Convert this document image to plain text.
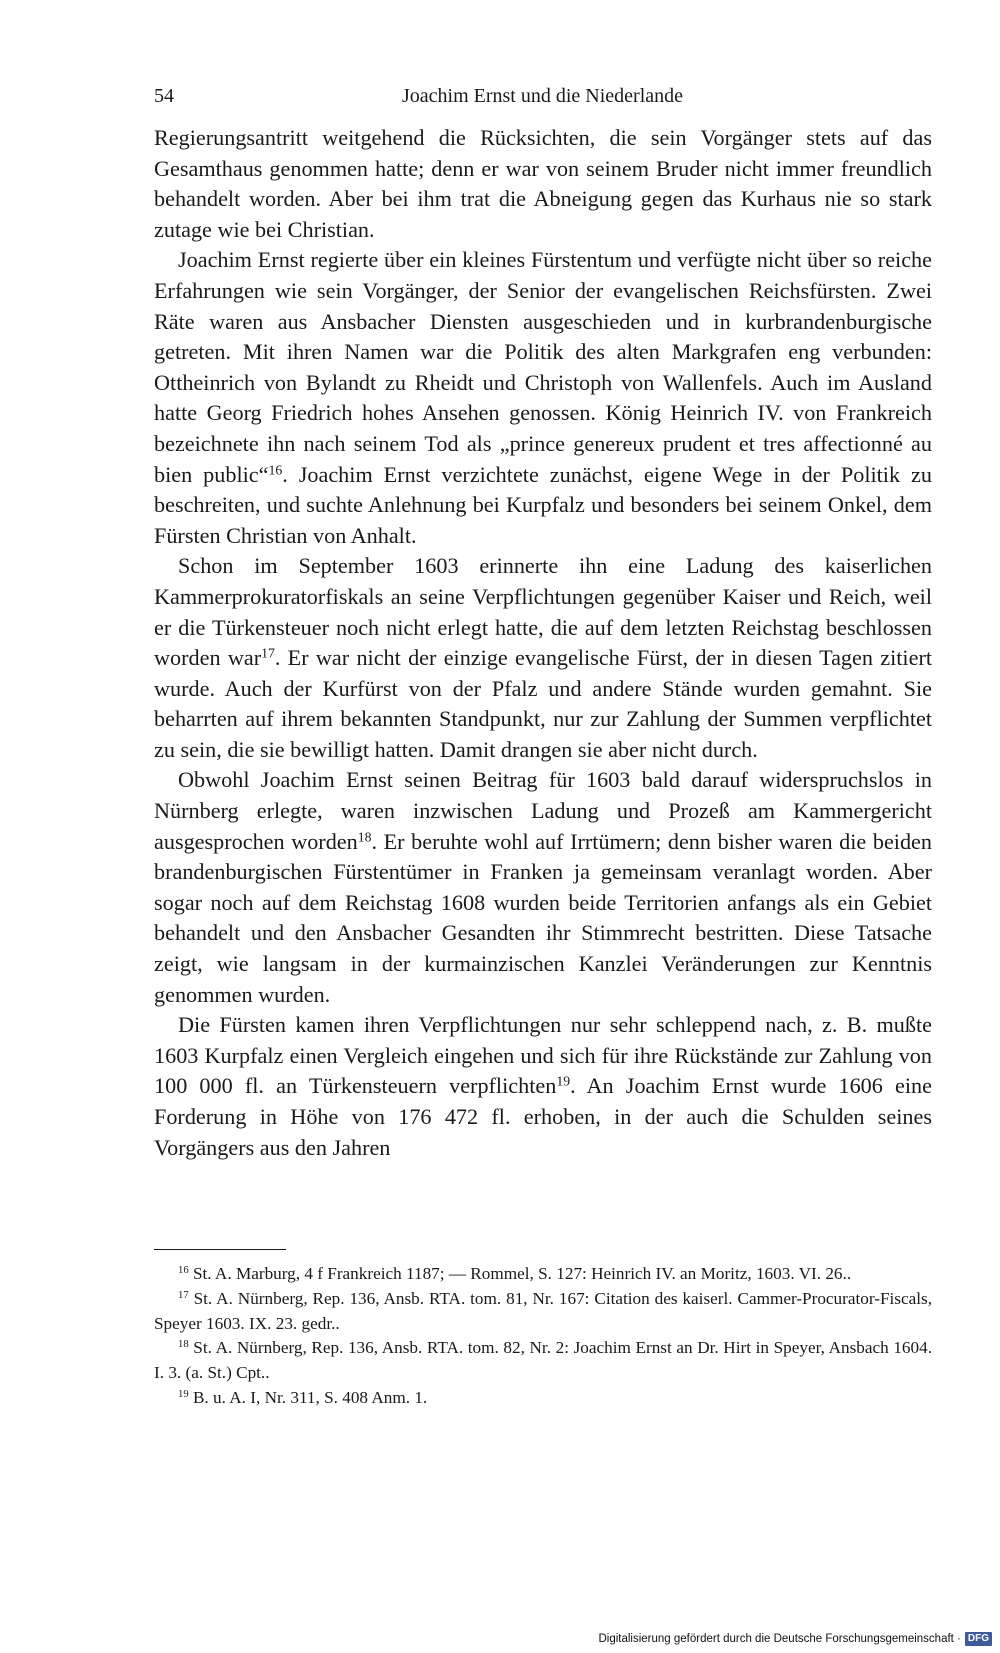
54	Joachim Ernst und die Niederlande

Regierungsantritt weitgehend die Rücksichten, die sein Vorgänger stets auf das Gesamthaus genommen hatte; denn er war von seinem Bruder nicht immer freundlich behandelt worden. Aber bei ihm trat die Abneigung gegen das Kurhaus nie so stark zutage wie bei Christian.

Joachim Ernst regierte über ein kleines Fürstentum und verfügte nicht über so reiche Erfahrungen wie sein Vorgänger, der Senior der evangelischen Reichsfürsten. Zwei Räte waren aus Ansbacher Diensten ausgeschieden und in kurbrandenburgische getreten. Mit ihren Namen war die Politik des alten Markgrafen eng verbunden: Ottheinrich von Bylandt zu Rheidt und Christoph von Wallenfels. Auch im Ausland hatte Georg Friedrich hohes Ansehen genossen. König Heinrich IV. von Frankreich bezeichnete ihn nach seinem Tod als „prince genereux prudent et tres affectionné au bien public“$^{16}$. Joachim Ernst verzichtete zunächst, eigene Wege in der Politik zu beschreiten, und suchte Anlehnung bei Kurpfalz und besonders bei seinem Onkel, dem Fürsten Christian von Anhalt.

Schon im September 1603 erinnerte ihn eine Ladung des kaiserlichen Kammerprokuratorfiskals an seine Verpflichtungen gegenüber Kaiser und Reich, weil er die Türkensteuer noch nicht erlegt hatte, die auf dem letzten Reichstag beschlossen worden war$^{17}$. Er war nicht der einzige evangelische Fürst, der in diesen Tagen zitiert wurde. Auch der Kurfürst von der Pfalz und andere Stände wurden gemahnt. Sie beharrten auf ihrem bekannten Standpunkt, nur zur Zahlung der Summen verpflichtet zu sein, die sie bewilligt hatten. Damit drangen sie aber nicht durch.

Obwohl Joachim Ernst seinen Beitrag für 1603 bald darauf widerspruchslos in Nürnberg erlegte, waren inzwischen Ladung und Prozeß am Kammergericht ausgesprochen worden$^{18}$. Er beruhte wohl auf Irrtümern; denn bisher waren die beiden brandenburgischen Fürstentümer in Franken ja gemeinsam veranlagt worden. Aber sogar noch auf dem Reichstag 1608 wurden beide Territorien anfangs als ein Gebiet behandelt und den Ansbacher Gesandten ihr Stimmrecht bestritten. Diese Tatsache zeigt, wie langsam in der kurmainzischen Kanzlei Veränderungen zur Kenntnis genommen wurden.

Die Fürsten kamen ihren Verpflichtungen nur sehr schleppend nach, z. B. mußte 1603 Kurpfalz einen Vergleich eingehen und sich für ihre Rückstände zur Zahlung von 100 000 fl. an Türkensteuern verpflichten$^{19}$. An Joachim Ernst wurde 1606 eine Forderung in Höhe von 176 472 fl. erhoben, in der auch die Schulden seines Vorgängers aus den Jahren

$^{16}$ St. A. Marburg, 4 f Frankreich 1187; — Rommel, S. 127: Heinrich IV. an Moritz, 1603. VI. 26..

$^{17}$ St. A. Nürnberg, Rep. 136, Ansb. RTA. tom. 81, Nr. 167: Citation des kaiserl. Cammer-Procurator-Fiscals, Speyer 1603. IX. 23. gedr..

$^{18}$ St. A. Nürnberg, Rep. 136, Ansb. RTA. tom. 82, Nr. 2: Joachim Ernst an Dr. Hirt in Speyer, Ansbach 1604. I. 3. (a. St.) Cpt..

$^{19}$ B. u. A. I, Nr. 311, S. 408 Anm. 1.

Digitalisierung gefördert durch die Deutsche Forschungsgemeinschaft · DFG
